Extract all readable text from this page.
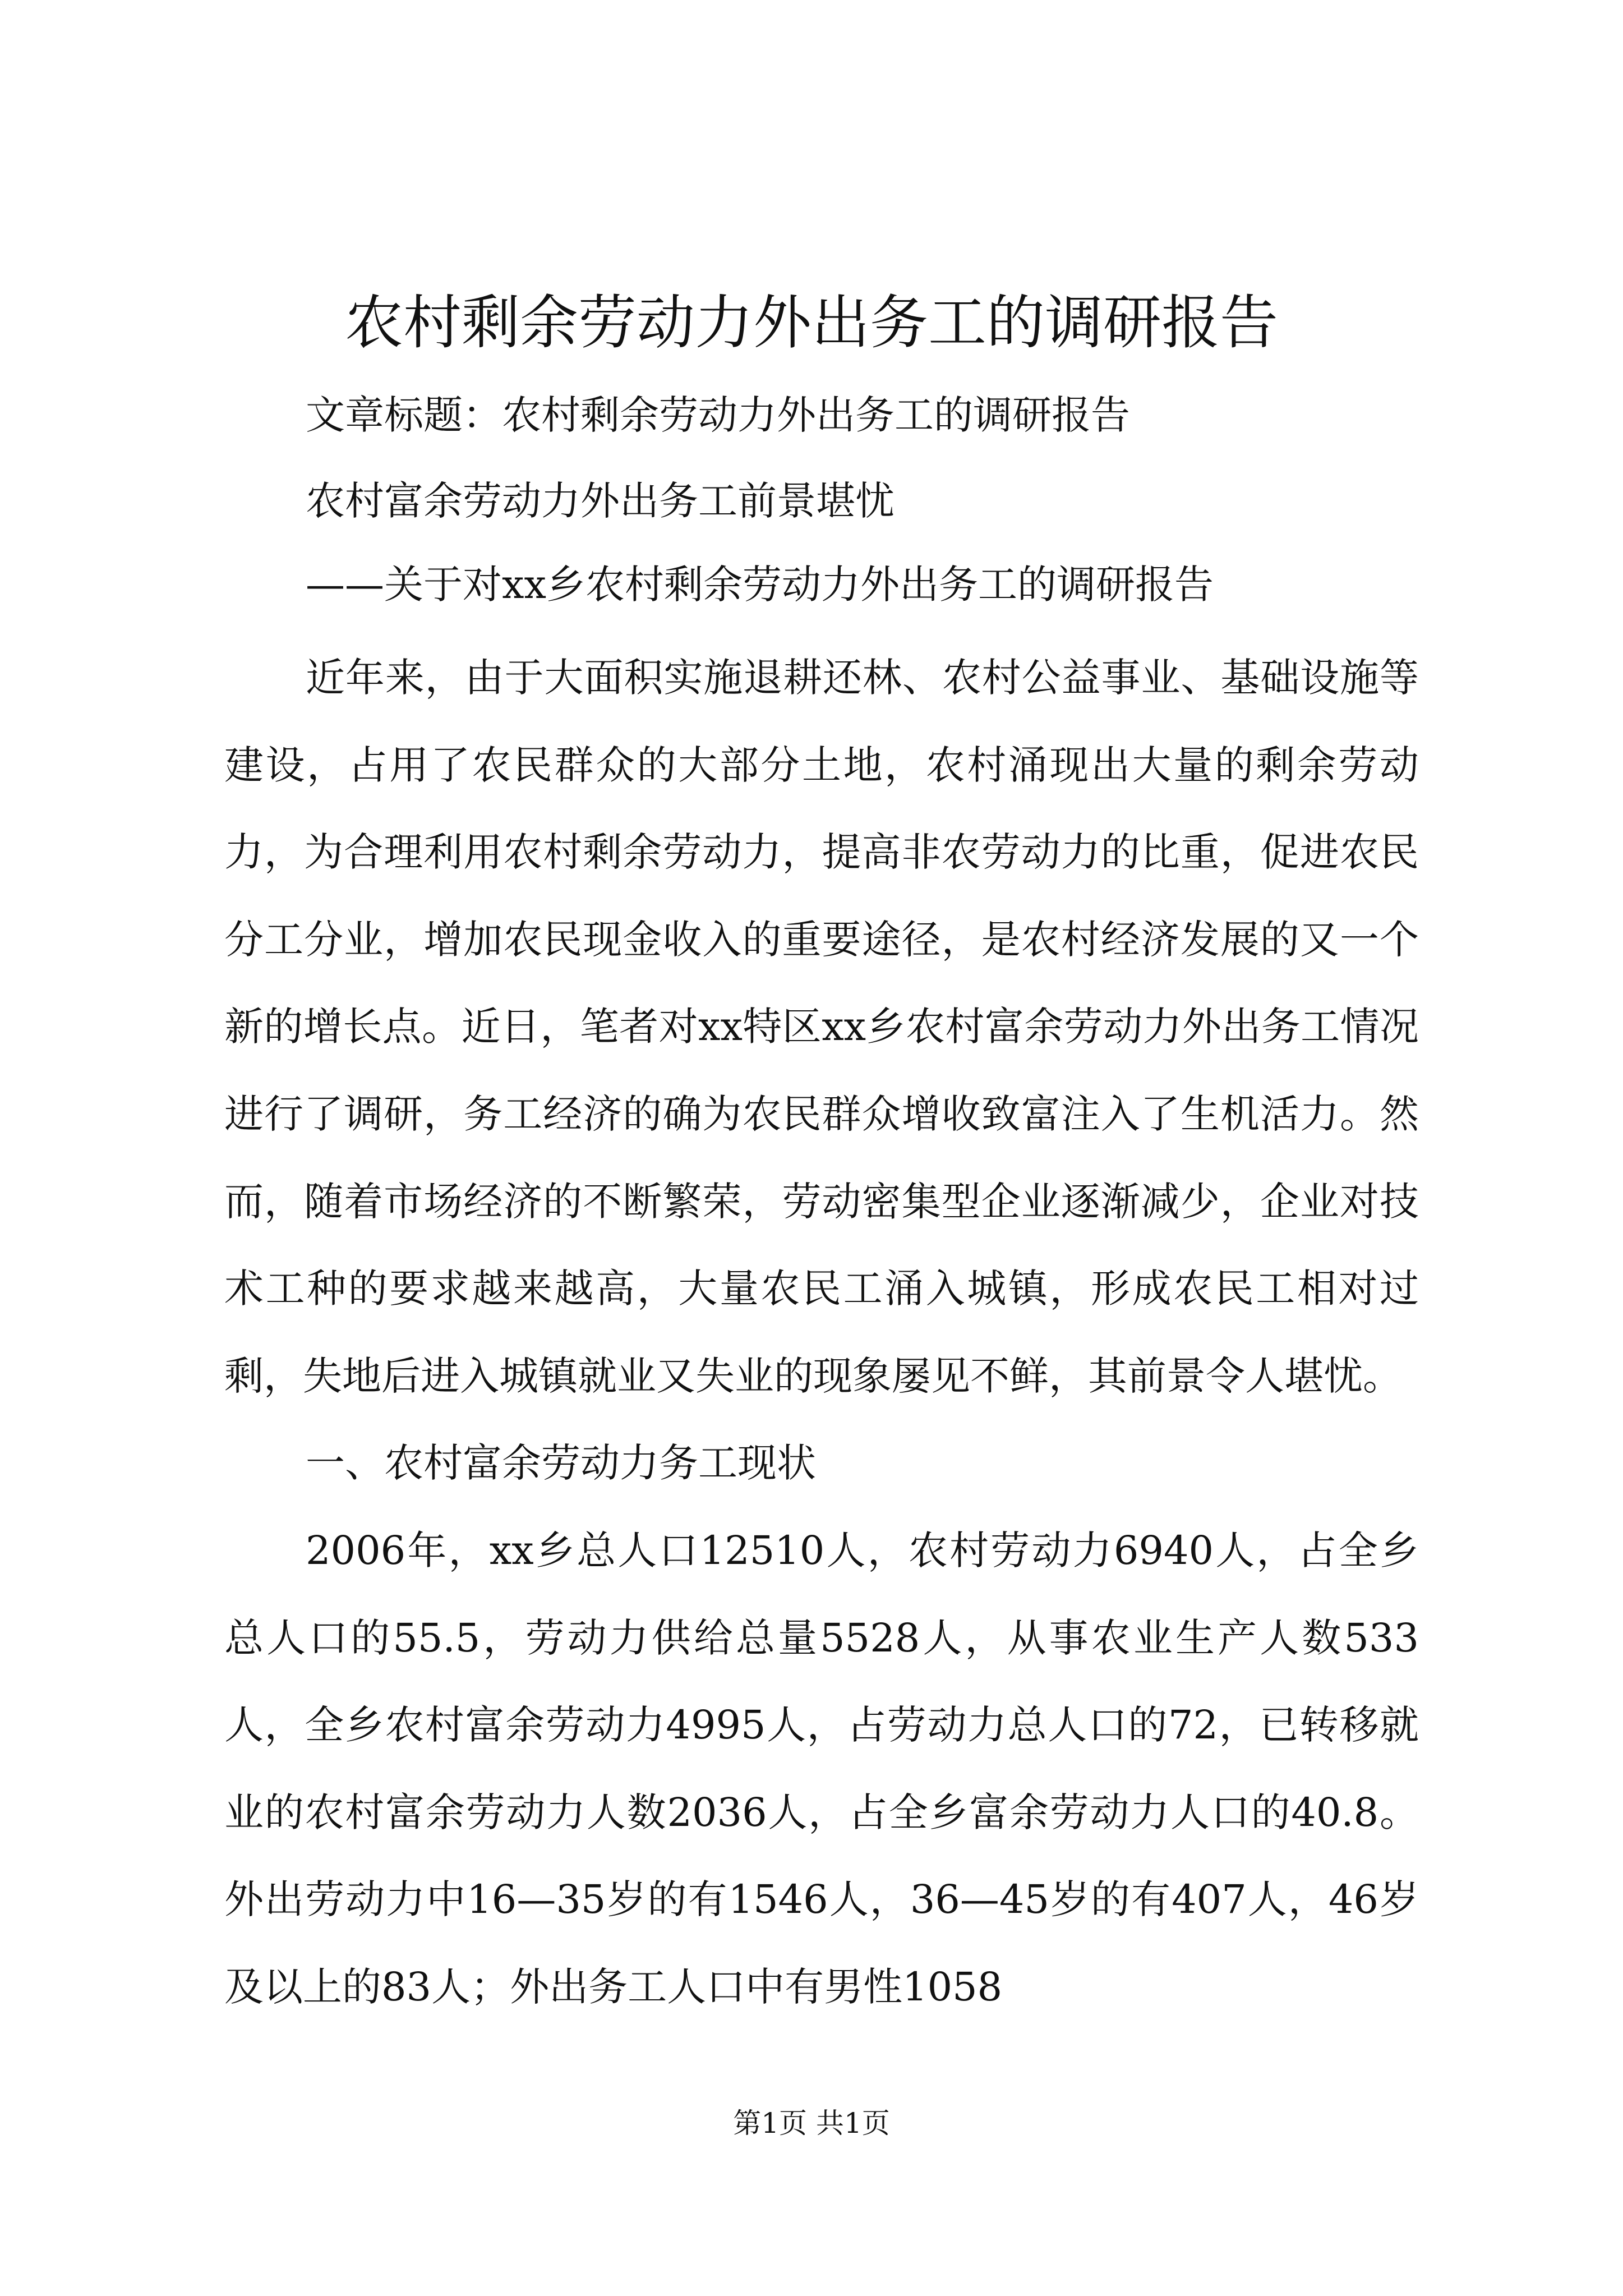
农村剩余劳动力外出务工的调研报告

文章标题：农村剩余劳动力外出务工的调研报告

农村富余劳动力外出务工前景堪忧

——关于对xx乡农村剩余劳动力外出务工的调研报告

近年来，由于大面积实施退耕还林、农村公益事业、基础设施等建设，占用了农民群众的大部分土地，农村涌现出大量的剩余劳动力，为合理利用农村剩余劳动力，提高非农劳动力的比重，促进农民分工分业，增加农民现金收入的重要途径，是农村经济发展的又一个新的增长点。近日，笔者对xx特区xx乡农村富余劳动力外出务工情况进行了调研，务工经济的确为农民群众增收致富注入了生机活力。然而，随着市场经济的不断繁荣，劳动密集型企业逐渐减少，企业对技术工种的要求越来越高，大量农民工涌入城镇，形成农民工相对过剩，失地后进入城镇就业又失业的现象屡见不鲜，其前景令人堪忧。

一、农村富余劳动力务工现状

2006年，xx乡总人口12510人，农村劳动力6940人，占全乡总人口的55.5，劳动力供给总量5528人，从事农业生产人数533人，全乡农村富余劳动力4995人，占劳动力总人口的72，已转移就业的农村富余劳动力人数2036人，占全乡富余劳动力人口的40.8。外出劳动力中16—35岁的有1546人，36—45岁的有407人，46岁及以上的83人；外出务工人口中有男性1058

第1页 共1页
